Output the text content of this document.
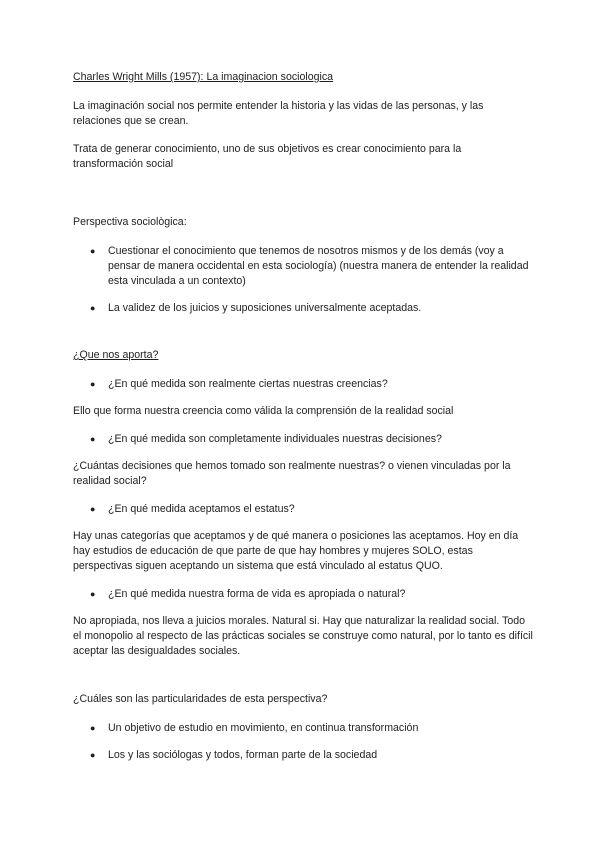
Charles Wright Mills (1957): La imaginacion sociologica

La imaginación social nos permite entender la historia y las vidas de las personas, y las relaciones que se crean.

Trata de generar conocimiento, uno de sus objetivos es crear conocimiento para la transformación social

Perspectiva sociològica:
● Cuestionar el conocimiento que tenemos de nosotros mismos y de los demás (voy a pensar de manera occidental en esta sociología) (nuestra manera de entender la realidad esta vinculada a un contexto)
● La validez de los juicios y suposiciones universalmente aceptadas.
¿Que nos aporta?
● ¿En qué medida son realmente ciertas nuestras creencias?

Ello que forma nuestra creencia como válida la comprensión de la realidad social

● ¿En qué medida son completamente individuales nuestras decisiones?

¿Cuántas decisiones que hemos tomado son realmente nuestras? o vienen vinculadas por la realidad social?

● ¿En qué medida aceptamos el estatus?

Hay unas categorías que aceptamos y de qué manera o posiciones las aceptamos. Hoy en día hay estudios de educación de que parte de que hay hombres y mujeres SOLO, estas perspectivas siguen aceptando un sistema que está vinculado al estatus QUO.

● ¿En qué medida nuestra forma de vida es apropiada o natural?

No apropiada, nos lleva a juicios morales. Natural si. Hay que naturalizar la realidad social. Todo el monopolio al respecto de las prácticas sociales se construye como natural, por lo tanto es difícil aceptar las desigualdades sociales.

¿Cuáles son las particularidades de esta perspectiva?
● Un objetivo de estudio en movimiento, en continua transformación
● Los y las sociólogas y todos, forman parte de la sociedad
